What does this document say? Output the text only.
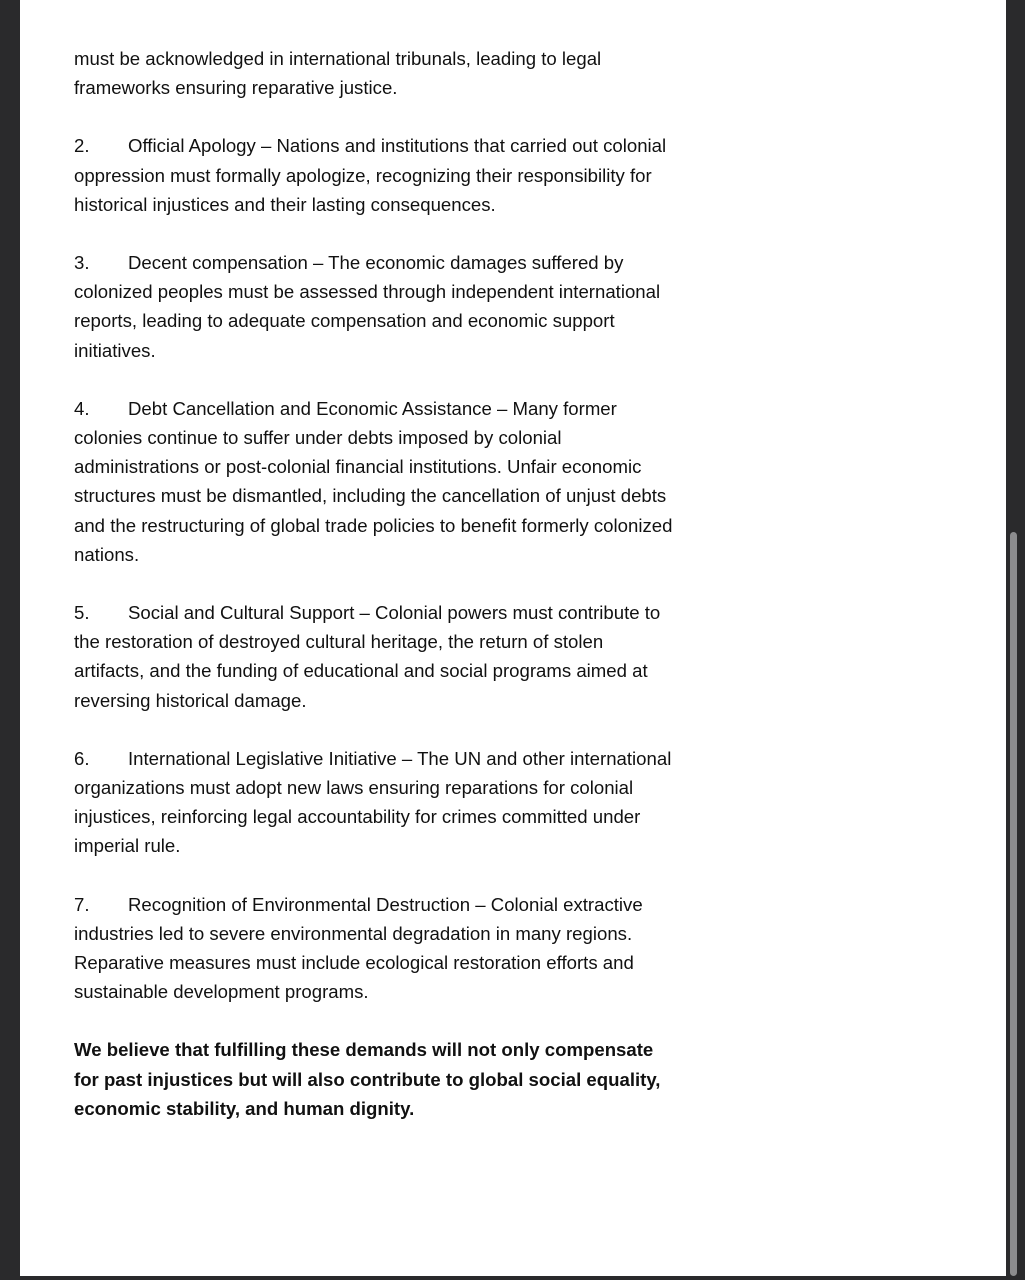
must be acknowledged in international tribunals, leading to legal frameworks ensuring reparative justice.

2. Official Apology – Nations and institutions that carried out colonial oppression must formally apologize, recognizing their responsibility for historical injustices and their lasting consequences.

3. Decent compensation – The economic damages suffered by colonized peoples must be assessed through independent international reports, leading to adequate compensation and economic support initiatives.

4. Debt Cancellation and Economic Assistance – Many former colonies continue to suffer under debts imposed by colonial administrations or post-colonial financial institutions. Unfair economic structures must be dismantled, including the cancellation of unjust debts and the restructuring of global trade policies to benefit formerly colonized nations.

5. Social and Cultural Support – Colonial powers must contribute to the restoration of destroyed cultural heritage, the return of stolen artifacts, and the funding of educational and social programs aimed at reversing historical damage.

6. International Legislative Initiative – The UN and other international organizations must adopt new laws ensuring reparations for colonial injustices, reinforcing legal accountability for crimes committed under imperial rule.

7. Recognition of Environmental Destruction – Colonial extractive industries led to severe environmental degradation in many regions. Reparative measures must include ecological restoration efforts and sustainable development programs.

We believe that fulfilling these demands will not only compensate for past injustices but will also contribute to global social equality, economic stability, and human dignity.
